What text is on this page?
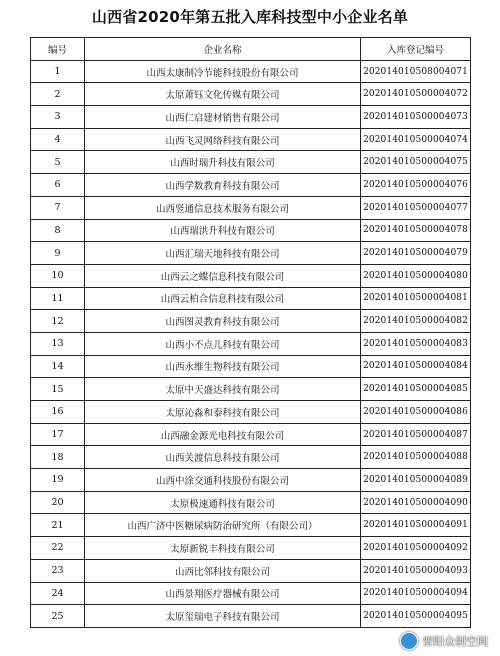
山西省2020年第五批入库科技型中小企业名单
编号	企业名称	入库登记编号
1	山西太康制冷节能科技股份有限公司	202014010508004071
2	太原萧钰文化传媒有限公司	202014010500004072
3	山西仁启建材销售有限公司	202014010500004073
4	山西飞灵网络科技有限公司	202014010500004074
5	山西时瑞升科技有限公司	202014010500004075
6	山西学数教育科技有限公司	202014010500004076
7	山西竖通信息技术服务有限公司	202014010500004077
8	山西瑞洪升科技有限公司	202014010500004078
9	山西汇瑞天地科技有限公司	202014010500004079
10	山西云之蝶信息科技有限公司	202014010500004080
11	山西云柏合信息科技有限公司	202014010500004081
12	山西图灵教育科技有限公司	202014010500004082
13	山西小不点儿科技有限公司	202014010500004083
14	山西永维生物科技有限公司	202014010500004084
15	太原中天盛达科技有限公司	202014010500004085
16	太原沁淼和泰科技有限公司	202014010500004086
17	山西融金源光电科技有限公司	202014010500004087
18	山西关渡信息科技有限公司	202014010500004088
19	山西中涂交通科技股份有限公司	202014010500004089
20	太原极速通科技有限公司	202014010500004090
21	山西广济中医糖尿病防治研究所（有限公司）	202014010500004091
22	太原新锐丰科技有限公司	202014010500004092
23	山西比邻科技有限公司	202014010500004093
24	山西景翔医疗器械有限公司	202014010500004094
25	太原玺瑞电子科技有限公司	202014010500004095
晋阳众创空间
